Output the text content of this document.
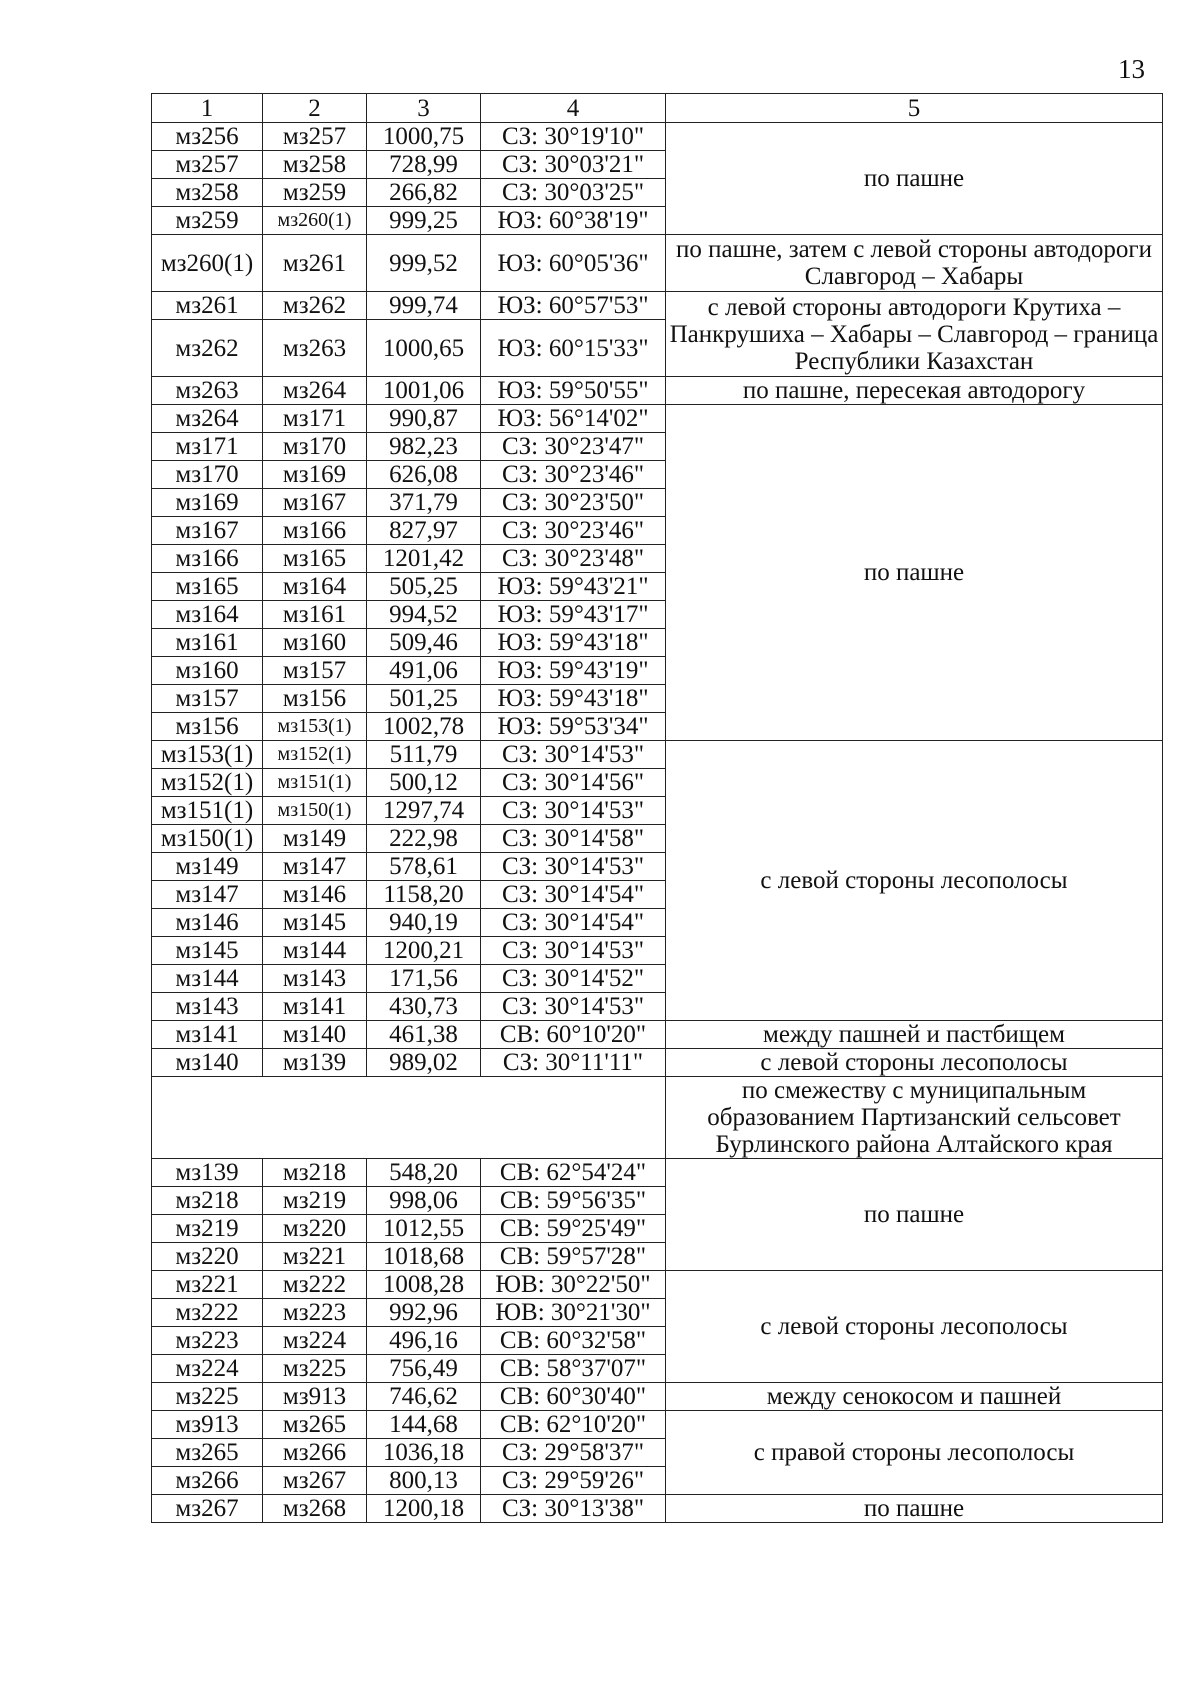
13
1	2	3	4	5
мз256	мз257	1000,75	СЗ: 30°19'10"	по пашне
мз257	мз258	728,99	СЗ: 30°03'21"	
мз258	мз259	266,82	СЗ: 30°03'25"	
мз259	мз260(1)	999,25	ЮЗ: 60°38'19"	
мз260(1)	мз261	999,52	ЮЗ: 60°05'36"	по пашне, затем с левой стороны автодороги Славгород – Хабары
мз261	мз262	999,74	ЮЗ: 60°57'53"	с левой стороны автодороги Крутиха – Панкрушиха – Хабары – Славгород – граница Республики Казахстан
мз262	мз263	1000,65	ЮЗ: 60°15'33"	
мз263	мз264	1001,06	ЮЗ: 59°50'55"	по пашне, пересекая автодорогу
мз264	мз171	990,87	ЮЗ: 56°14'02"	по пашне
мз171	мз170	982,23	СЗ: 30°23'47"	
мз170	мз169	626,08	СЗ: 30°23'46"	
мз169	мз167	371,79	СЗ: 30°23'50"	
мз167	мз166	827,97	СЗ: 30°23'46"	
мз166	мз165	1201,42	СЗ: 30°23'48"	
мз165	мз164	505,25	ЮЗ: 59°43'21"	
мз164	мз161	994,52	ЮЗ: 59°43'17"	
мз161	мз160	509,46	ЮЗ: 59°43'18"	
мз160	мз157	491,06	ЮЗ: 59°43'19"	
мз157	мз156	501,25	ЮЗ: 59°43'18"	
мз156	мз153(1)	1002,78	ЮЗ: 59°53'34"	
мз153(1)	мз152(1)	511,79	СЗ: 30°14'53"	с левой стороны лесополосы
мз152(1)	мз151(1)	500,12	СЗ: 30°14'56"	
мз151(1)	мз150(1)	1297,74	СЗ: 30°14'53"	
мз150(1)	мз149	222,98	СЗ: 30°14'58"	
мз149	мз147	578,61	СЗ: 30°14'53"	
мз147	мз146	1158,20	СЗ: 30°14'54"	
мз146	мз145	940,19	СЗ: 30°14'54"	
мз145	мз144	1200,21	СЗ: 30°14'53"	
мз144	мз143	171,56	СЗ: 30°14'52"	
мз143	мз141	430,73	СЗ: 30°14'53"	
мз141	мз140	461,38	СВ: 60°10'20"	между пашней и пастбищем
мз140	мз139	989,02	СЗ: 30°11'11"	с левой стороны лесополосы
				по смежеству с муниципальным образованием Партизанский сельсовет Бурлинского района Алтайского края
мз139	мз218	548,20	СВ: 62°54'24"	по пашне
мз218	мз219	998,06	СВ: 59°56'35"	
мз219	мз220	1012,55	СВ: 59°25'49"	
мз220	мз221	1018,68	СВ: 59°57'28"	
мз221	мз222	1008,28	ЮВ: 30°22'50"	с левой стороны лесополосы
мз222	мз223	992,96	ЮВ: 30°21'30"	
мз223	мз224	496,16	СВ: 60°32'58"	
мз224	мз225	756,49	СВ: 58°37'07"	
мз225	мз913	746,62	СВ: 60°30'40"	между сенокосом и пашней
мз913	мз265	144,68	СВ: 62°10'20"	с правой стороны лесополосы
мз265	мз266	1036,18	СЗ: 29°58'37"	
мз266	мз267	800,13	СЗ: 29°59'26"	
мз267	мз268	1200,18	СЗ: 30°13'38"	по пашне
